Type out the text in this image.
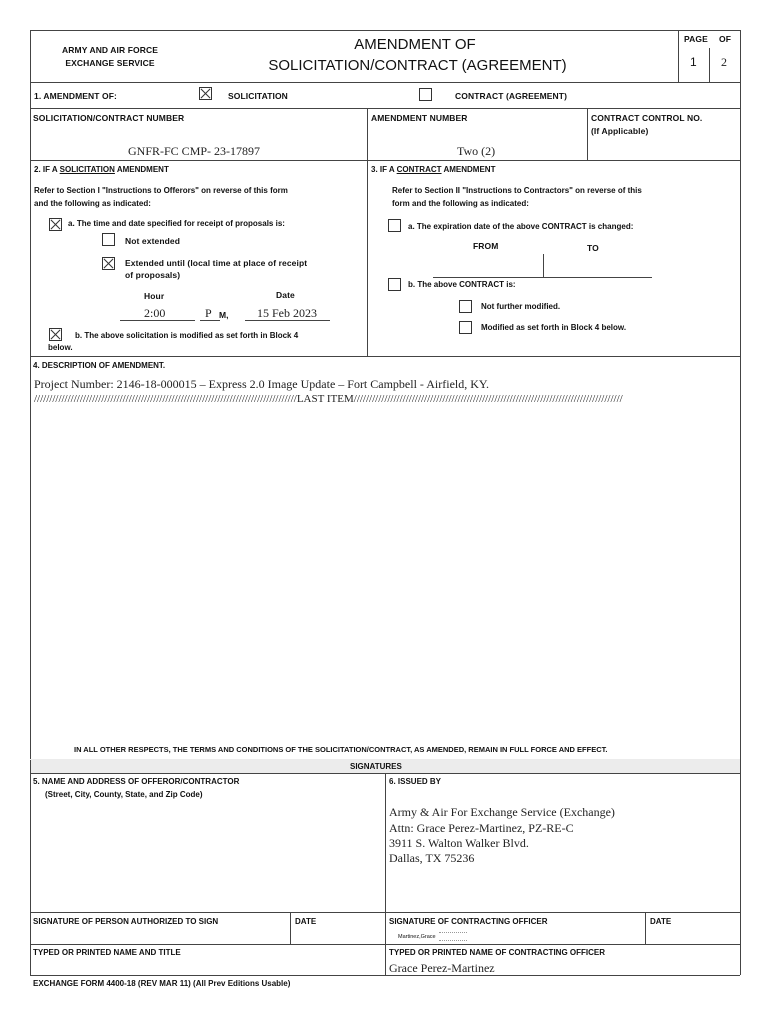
ARMY AND AIR FORCE
EXCHANGE SERVICE
AMENDMENT OF
SOLICITATION/CONTRACT (AGREEMENT)
PAGE OF
1 2
1. AMENDMENT OF:	SOLICITATION	CONTRACT (AGREEMENT)
SOLICITATION/CONTRACT NUMBER
GNFR-FC CMP- 23-17897
AMENDMENT NUMBER
Two (2)
CONTRACT CONTROL NO.
(If Applicable)
2. IF A SOLICITATION AMENDMENT
Refer to Section I "Instructions to Offerors" on reverse of this form
and the following as indicated:
a. The time and date specified for receipt of proposals is:
Not extended
Extended until (local time at place of receipt
of proposals)
Hour	Date
2:00	P M, 15 Feb 2023
b. The above solicitation is modified as set forth in Block 4
below.
3. IF A CONTRACT AMENDMENT
Refer to Section II "Instructions to Contractors" on reverse of this
form and the following as indicated:
a. The expiration date of the above CONTRACT is changed:
FROM	TO
b. The above CONTRACT is:
Not further modified.
Modified as set forth in Block 4 below.
4. DESCRIPTION OF AMENDMENT.
Project Number: 2146-18-000015 – Express 2.0 Image Update – Fort Campbell - Airfield, KY.
//////////////////////////////////////////////////////////////////////////////////////LAST ITEM////////////////////////////////////////////////////////////////////////////////////////
IN ALL OTHER RESPECTS, THE TERMS AND CONDITIONS OF THE SOLICITATION/CONTRACT, AS AMENDED, REMAIN IN FULL FORCE AND EFFECT.
SIGNATURES
5. NAME AND ADDRESS OF OFFEROR/CONTRACTOR
(Street, City, County, State, and Zip Code)
6. ISSUED BY
Army & Air For Exchange Service (Exchange)
Attn: Grace Perez-Martinez, PZ-RE-C
3911 S. Walton Walker Blvd.
Dallas, TX 75236
SIGNATURE OF PERSON AUTHORIZED TO SIGN	DATE	SIGNATURE OF CONTRACTING OFFICER	DATE
Martinez,Grace
TYPED OR PRINTED NAME AND TITLE	TYPED OR PRINTED NAME OF CONTRACTING OFFICER
Grace Perez-Martinez
EXCHANGE FORM 4400-18 (REV MAR 11) (All Prev Editions Usable)
